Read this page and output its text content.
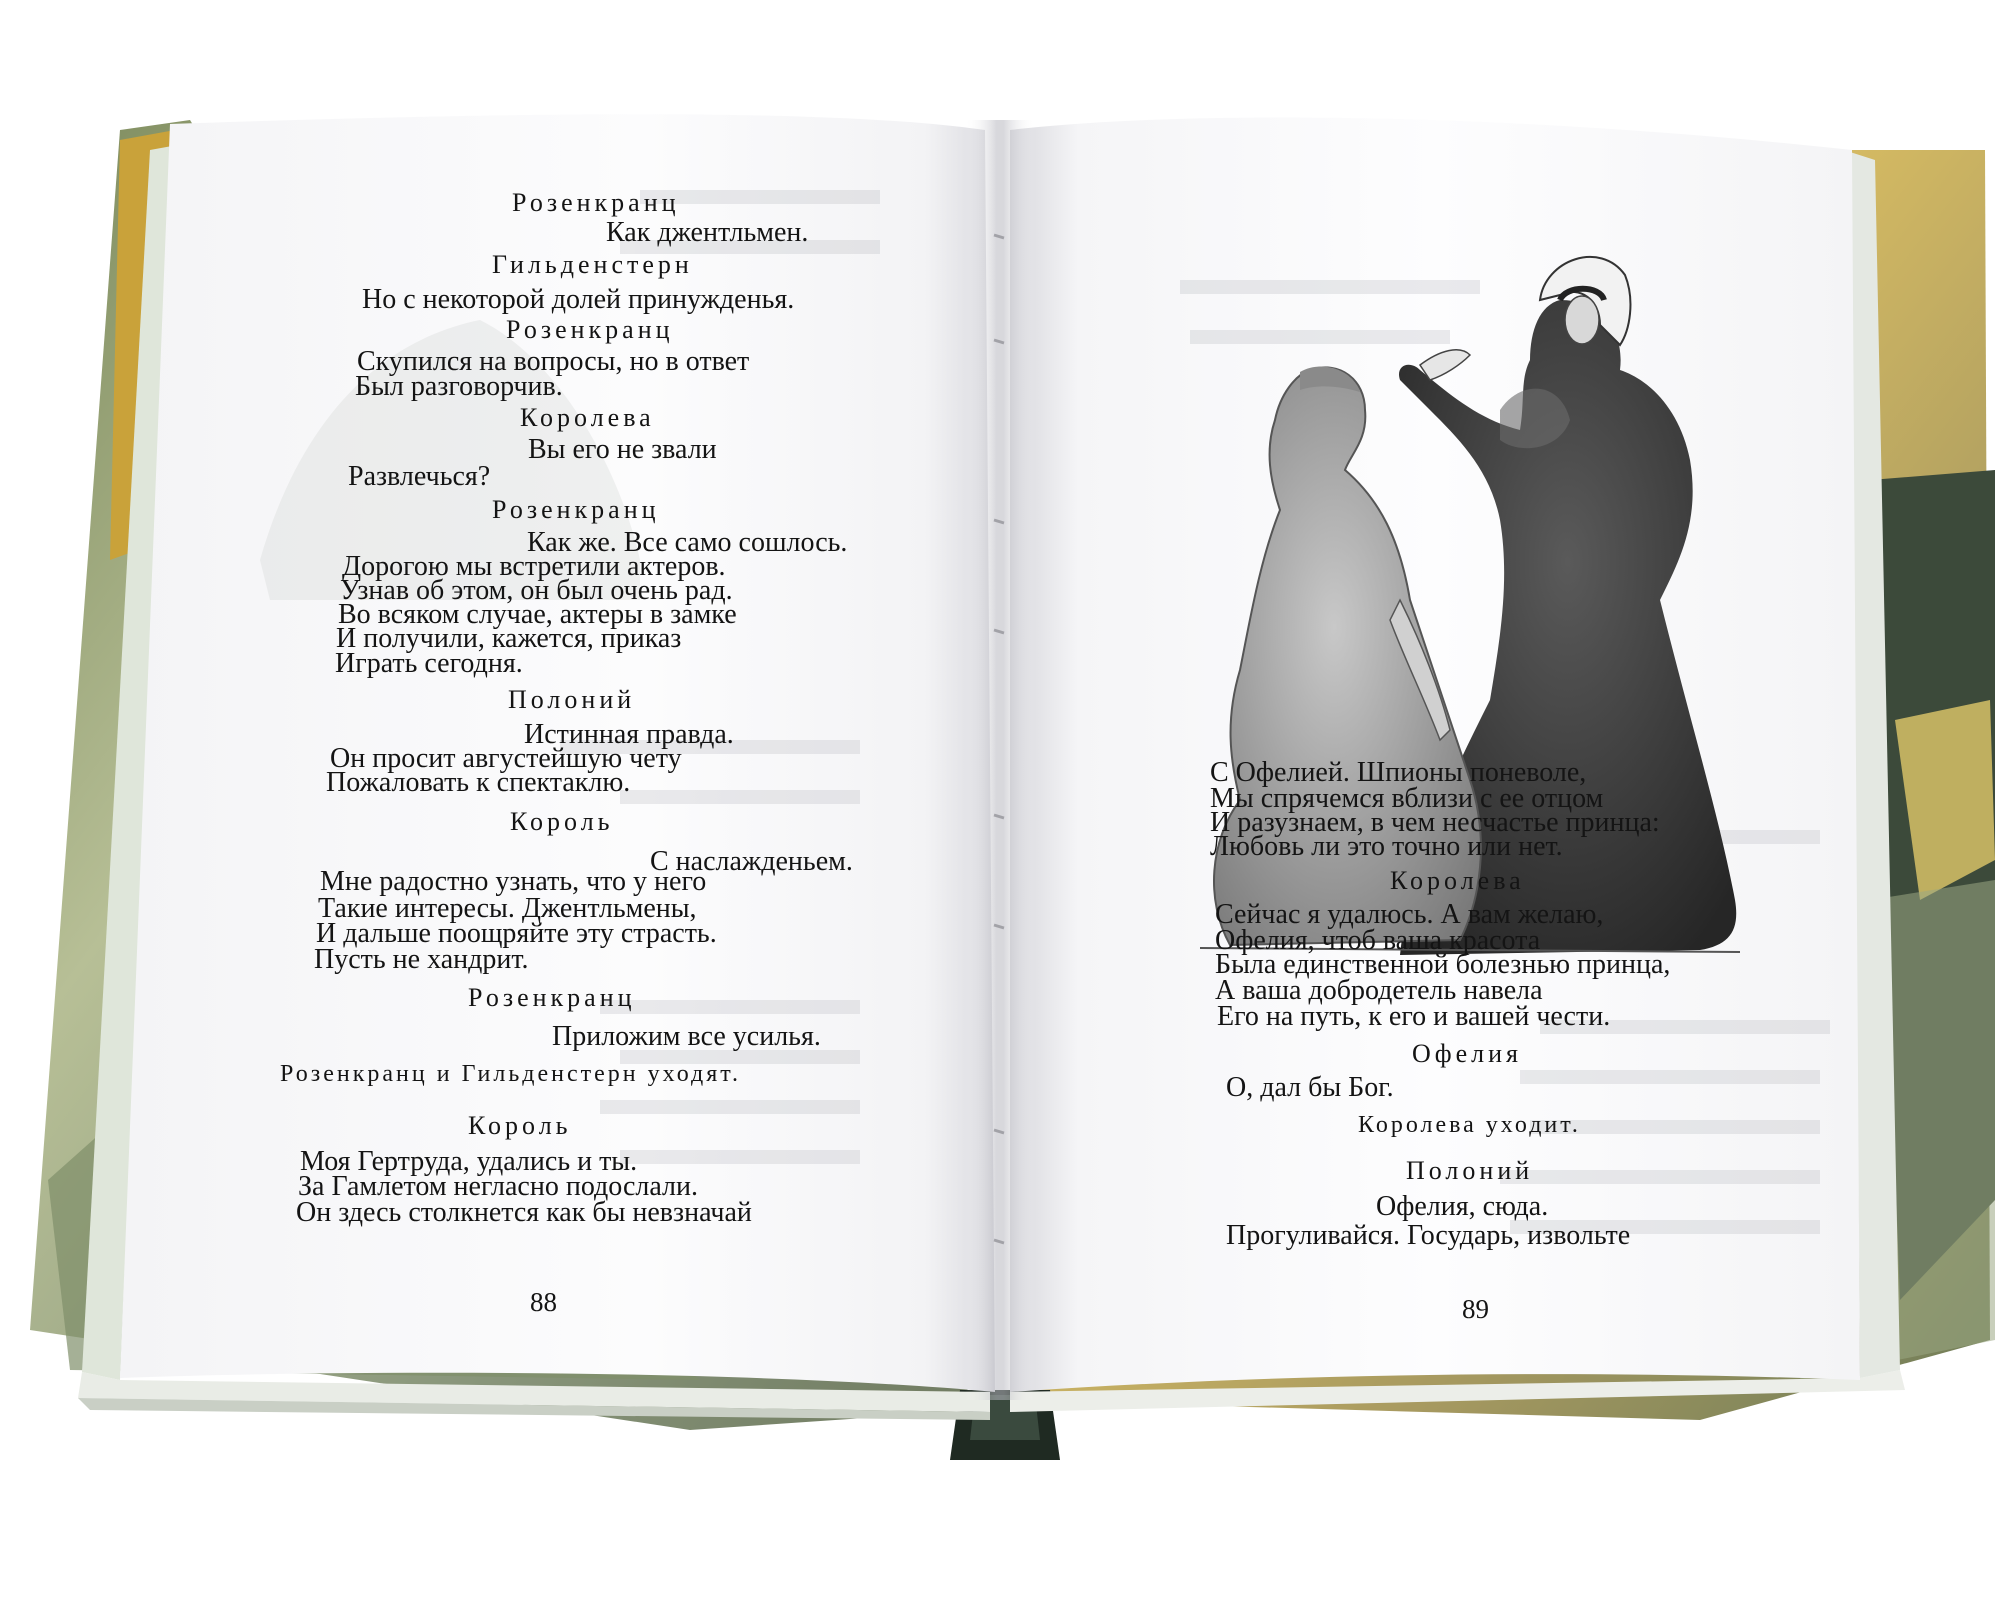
Розенкранц
Как джентльмен.
Гильденстерн
Но с некоторой долей принужденья.
Розенкранц
Скупился на вопросы, но в ответ
Был разговорчив.
Королева
Вы его не звали
Развлечься?
Розенкранц
Как же. Все само сошлось.
Дорогою мы встретили актеров.
Узнав об этом, он был очень рад.
Во всяком случае, актеры в замке
И получили, кажется, приказ
Играть сегодня.
Полоний
Истинная правда.
Он просит августейшую чету
Пожаловать к спектаклю.
Король
С наслажденьем.
Мне радостно узнать, что у него
Такие интересы. Джентльмены,
И дальше поощряйте эту страсть.
Пусть не хандрит.
Розенкранц
Приложим все усилья.
Розенкранц и Гильденстерн уходят.
Король
Моя Гертруда, удались и ты.
За Гамлетом негласно подослали.
Он здесь столкнется как бы невзначай
88
С Офелией. Шпионы поневоле,
Мы спрячемся вблизи с ее отцом
И разузнаем, в чем несчастье принца:
Любовь ли это точно или нет.
Королева
Сейчас я удалюсь. А вам желаю,
Офелия, чтоб ваша красота
Была единственной болезнью принца,
А ваша добродетель навела
Его на путь, к его и вашей чести.
Офелия
О, дал бы Бог.
Королева уходит.
Полоний
Офелия, сюда.
Прогуливайся. Государь, извольте
89
